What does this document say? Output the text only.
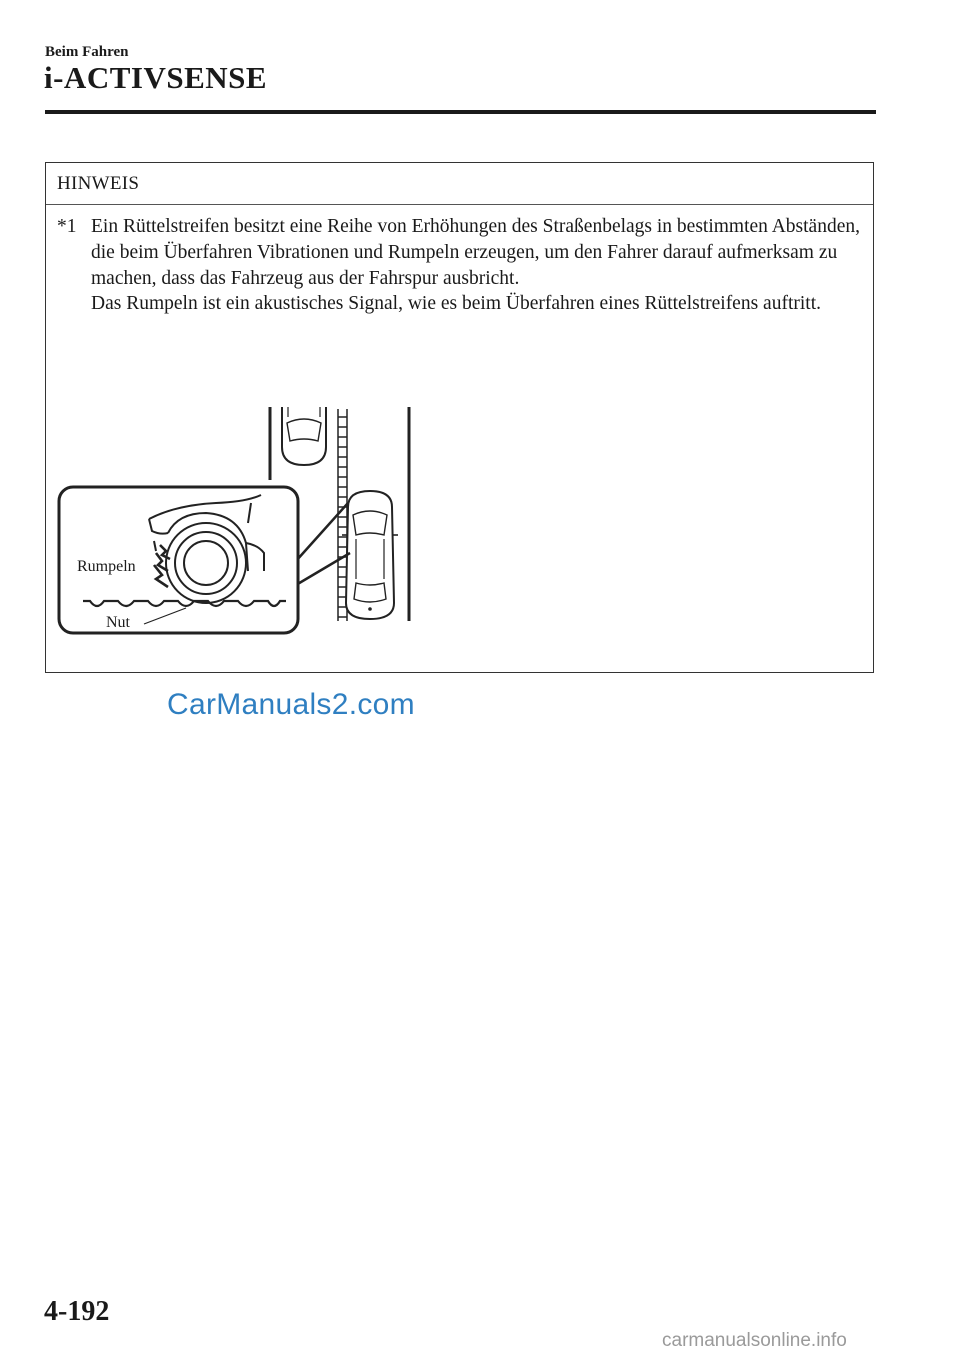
Beim Fahren
i-ACTIVSENSE
HINWEIS
*1 Ein Rüttelstreifen besitzt eine Reihe von Erhöhungen des Straßenbelags in bestimmten Abständen, die beim Überfahren Vibrationen und Rumpeln erzeugen, um den Fahrer darauf aufmerksam zu machen, dass das Fahrzeug aus der Fahrspur ausbricht.

Das Rumpeln ist ein akustisches Signal, wie es beim Überfahren eines Rüttelstreifens auftritt.

Rumpeln
Nut
CarManuals2.com
4-192
carmanualsonline.info
